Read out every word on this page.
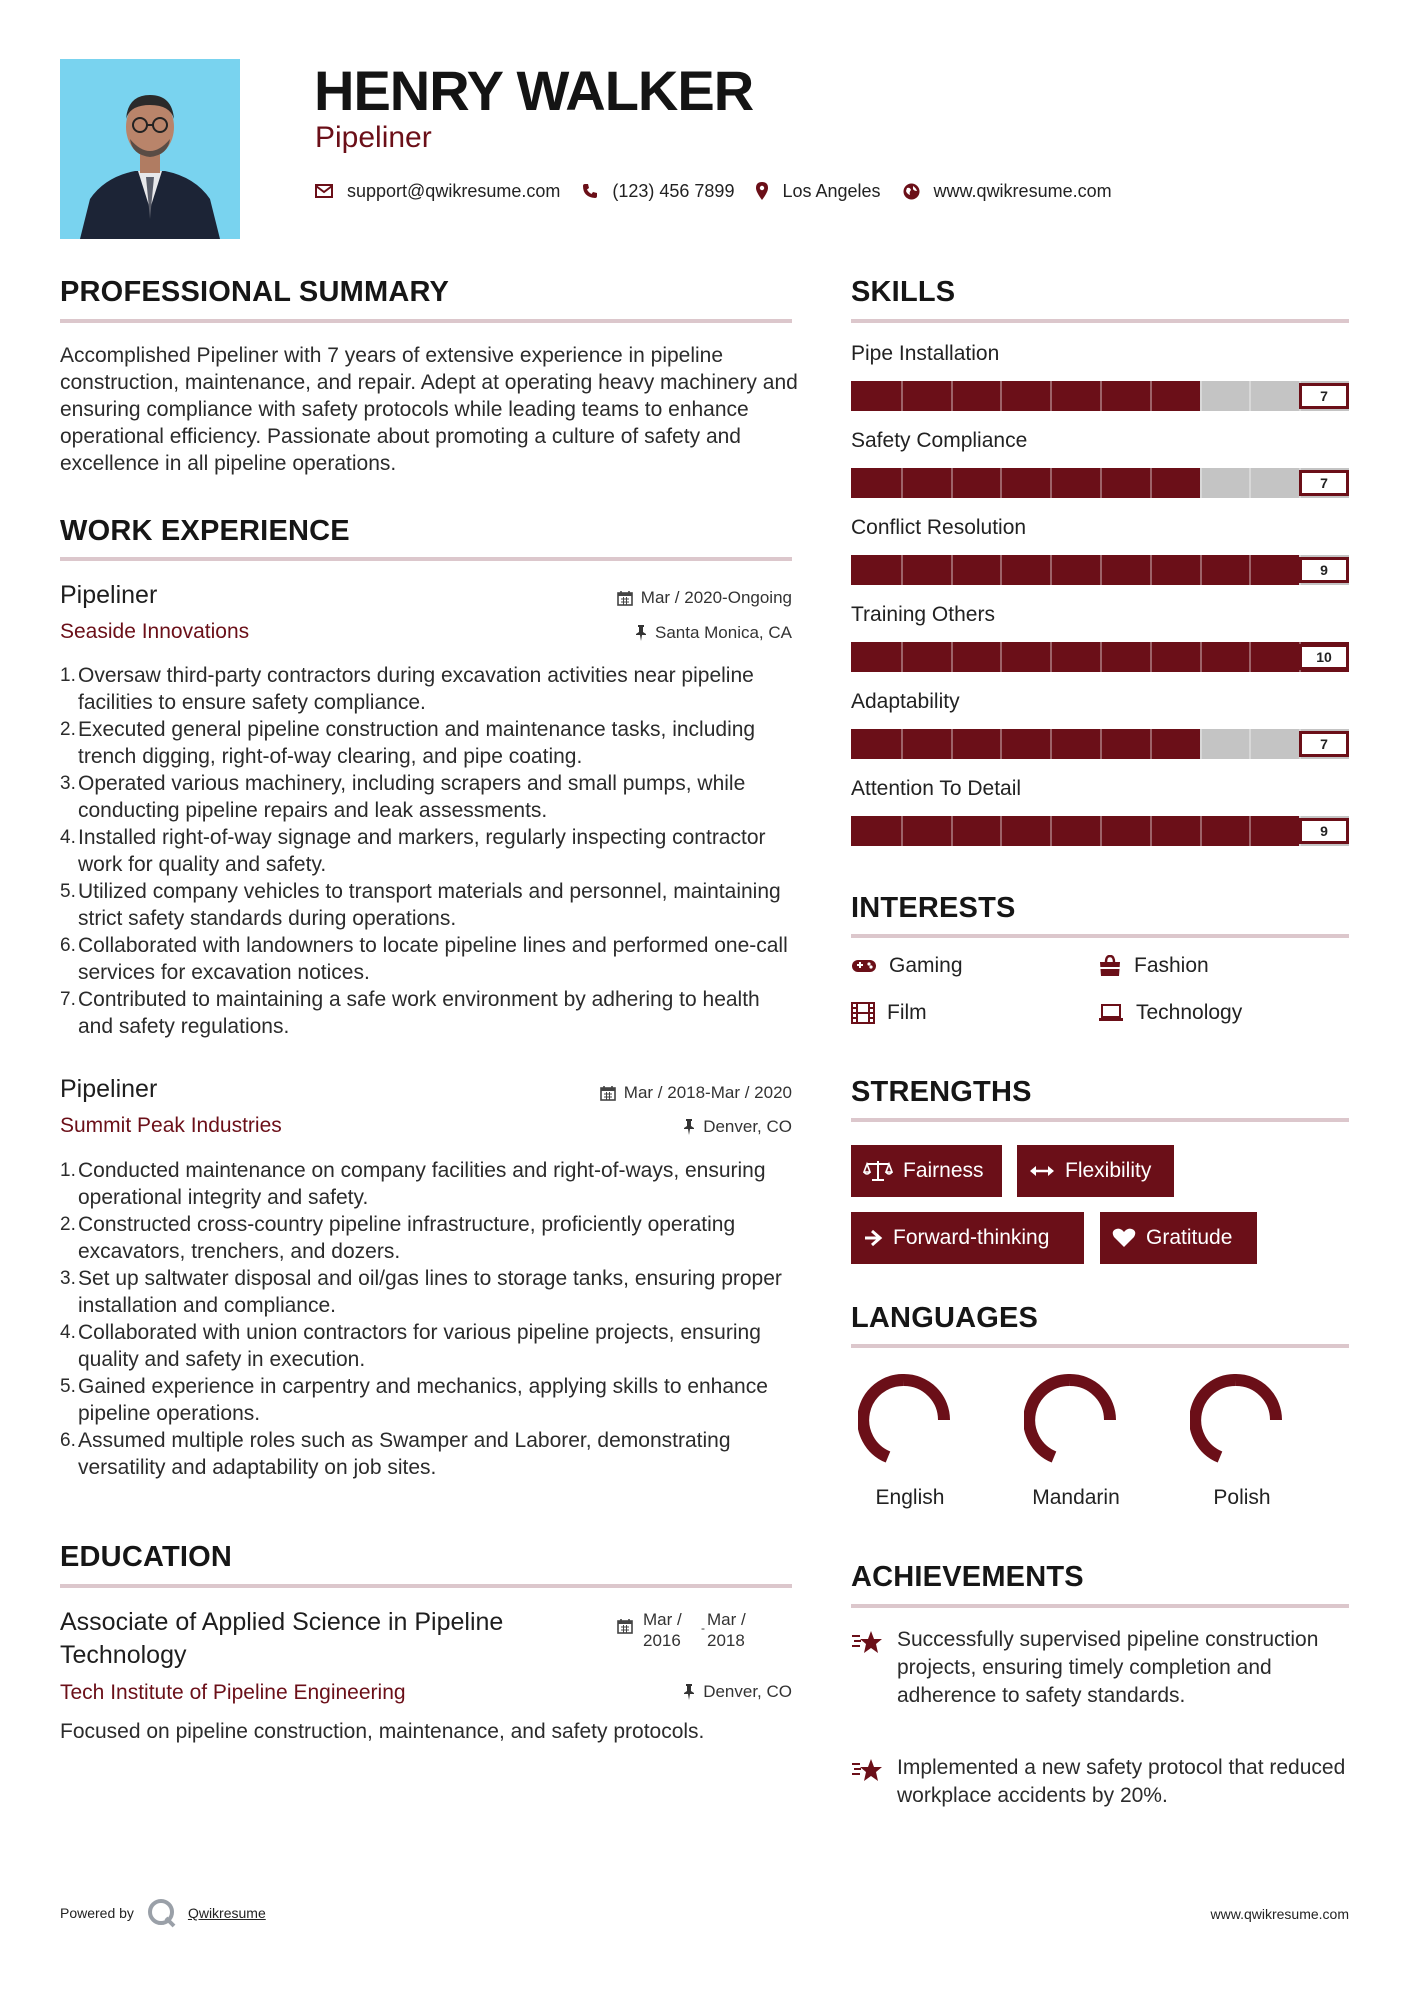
HENRY WALKER
Pipeliner
support@qwikresume.com	(123) 456 7899	Los Angeles	www.qwikresume.com
PROFESSIONAL SUMMARY
Accomplished Pipeliner with 7 years of extensive experience in pipeline construction, maintenance, and repair. Adept at operating heavy machinery and ensuring compliance with safety protocols while leading teams to enhance operational efficiency. Passionate about promoting a culture of safety and excellence in all pipeline operations.
WORK EXPERIENCE
Pipeliner
Seaside Innovations
Mar / 2020-Ongoing
Santa Monica, CA
1. Oversaw third-party contractors during excavation activities near pipeline facilities to ensure safety compliance.
2. Executed general pipeline construction and maintenance tasks, including trench digging, right-of-way clearing, and pipe coating.
3. Operated various machinery, including scrapers and small pumps, while conducting pipeline repairs and leak assessments.
4. Installed right-of-way signage and markers, regularly inspecting contractor work for quality and safety.
5. Utilized company vehicles to transport materials and personnel, maintaining strict safety standards during operations.
6. Collaborated with landowners to locate pipeline lines and performed one-call services for excavation notices.
7. Contributed to maintaining a safe work environment by adhering to health and safety regulations.
Pipeliner
Summit Peak Industries
Mar / 2018-Mar / 2020
Denver, CO
1. Conducted maintenance on company facilities and right-of-ways, ensuring operational integrity and safety.
2. Constructed cross-country pipeline infrastructure, proficiently operating excavators, trenchers, and dozers.
3. Set up saltwater disposal and oil/gas lines to storage tanks, ensuring proper installation and compliance.
4. Collaborated with union contractors for various pipeline projects, ensuring quality and safety in execution.
5. Gained experience in carpentry and mechanics, applying skills to enhance pipeline operations.
6. Assumed multiple roles such as Swamper and Laborer, demonstrating versatility and adaptability on job sites.
EDUCATION
Associate of Applied Science in Pipeline Technology
Tech Institute of Pipeline Engineering
Mar / 2016
- Mar / 2018
Denver, CO
Focused on pipeline construction, maintenance, and safety protocols.
SKILLS
Pipe Installation
7
Safety Compliance
7
Conflict Resolution
9
Training Others
10
Adaptability
7
Attention To Detail
9
INTERESTS
Gaming	Fashion
Film	Technology
STRENGTHS
Fairness	Flexibility
Forward-thinking	Gratitude
LANGUAGES
English	Mandarin	Polish
ACHIEVEMENTS
Successfully supervised pipeline construction projects, ensuring timely completion and adherence to safety standards.
Implemented a new safety protocol that reduced workplace accidents by 20%.
Powered by	Qwikresume	www.qwikresume.com
